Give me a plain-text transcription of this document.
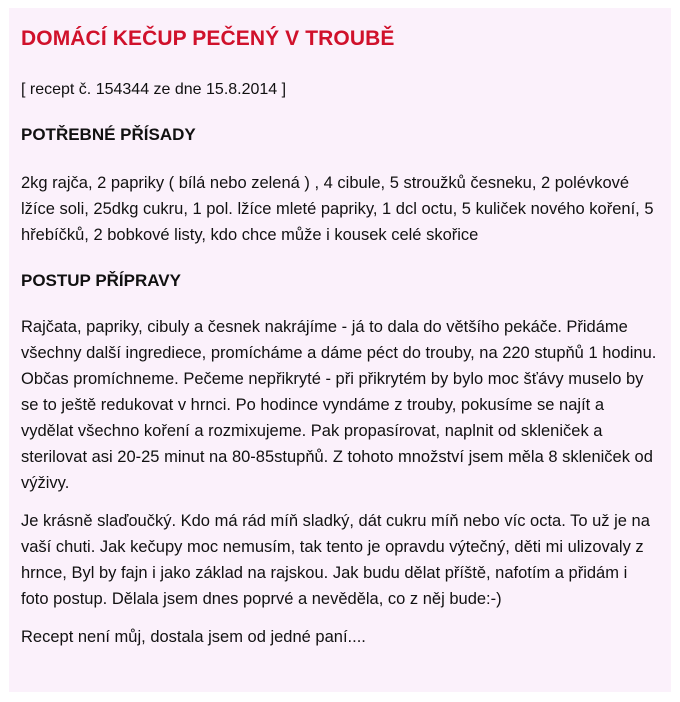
DOMÁCÍ KEČUP PEČENÝ V TROUBĚ

[ recept č. 154344 ze dne 15.8.2014 ]

POTŘEBNÉ PŘÍSADY

2kg rajča, 2 papriky ( bílá nebo zelená ) , 4 cibule, 5 stroužků česneku, 2 polévkové lžíce soli, 25dkg cukru, 1 pol. lžíce mleté papriky, 1 dcl octu, 5 kuliček nového koření, 5 hřebíčků, 2 bobkové listy, kdo chce může i kousek celé skořice

POSTUP PŘÍPRAVY

Rajčata, papriky, cibuly a česnek nakrájíme - já to dala do většího pekáče. Přidáme všechny další ingrediece, promícháme a dáme péct do trouby, na 220 stupňů 1 hodinu. Občas promíchneme. Pečeme nepřikryté - při přikrytém by bylo moc šťávy muselo by se to ještě redukovat v hrnci. Po hodince vyndáme z trouby, pokusíme se najít a vydělat všechno koření a rozmixujeme. Pak propasírovat, naplnit od skleniček a sterilovat asi 20-25 minut na 80-85stupňů. Z tohoto množství jsem měla 8 skleniček od výživy.

Je krásně slaďoučký. Kdo má rád míň sladký, dát cukru míň nebo víc octa. To už je na vaší chuti. Jak kečupy moc nemusím, tak tento je opravdu výtečný, děti mi ulizovaly z hrnce, Byl by fajn i jako základ na rajskou. Jak budu dělat příště, nafotím a přidám i foto postup. Dělala jsem dnes poprvé a nevěděla, co z něj bude:-)

Recept není můj, dostala jsem od jedné paní....
